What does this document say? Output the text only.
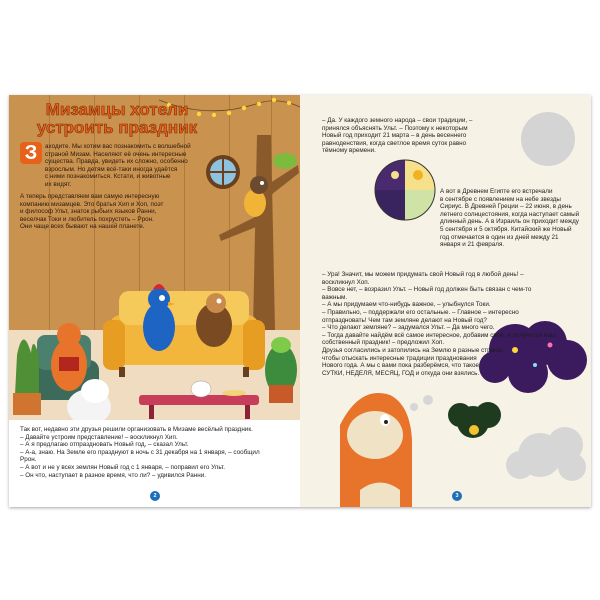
Мизамцы хотели устроить праздник
З	аходите. Мы хотим вас познакомить с волшебной
страной Мизам. Населяют её очень интересные
существа. Правда, увидеть их сложно, особенно
взрослым. Но детям всё-таки иногда удаётся
с ними познакомиться. Кстати, и животные
их видят.
А теперь представляем вам самую интересную
компанию мизамцев. Это братья Хип и Хоп, поэт
и философ Ульт, знаток рыбьих языков Ранни,
веселчак Токи и любитель похрустеть – Ррон.
Они чаще всех бывают на нашей планете.
Так вот, недавно эти друзья решили организовать в Мизаме весёлый праздник.
– Давайте устроим представление! – воскликнул Хип.
– А я предлагаю отпраздновать Новый год, – сказал Ульт.
– А-а, знаю. На Земле его празднуют в ночь с 31 декабря на 1 января, – сообщил
Ррон.
– А вот и не у всех землян Новый год с 1 января, – поправил его Ульт.
– Он что, наступает в разное время, что ли? – удивился Ранни.
2
– Да. У каждого земного народа – свои традиции, –
принялся объяснять Ульт. – Поэтому к некоторым
Новый год приходит 21 марта – в день весеннего
равноденствия, когда светлое время суток равно
тёмному времени.
А вот в Древнем Египте его встречали
в сентябре с появлением на небе звезды
Сириус. В Древней Греции – 22 июня, в день
летнего солнцестояния, когда наступает самый
длинный день. А в Израиль он приходит между
5 сентября и 5 октября. Китайский же Новый
год отмечается в один из дней между 21
января и 21 февраля.
– Ура! Значит, мы можем придумать свой Новый год в любой день! –
воскликнул Хоп.
– Вовсе нет, – возразил Ульт. – Новый год должен быть связан с чем-то
важным.
– А мы придумаем что-нибудь важное, – улыбнулся Токи.
– Правильно, – поддержали его остальные. – Главное – интересно
отпраздновать! Чем там земляне делают на Новый год?
– Что делают земляне? – задумался Ульт. – Да много чего.
– Тогда давайте найдём всё самое интересное, добавим своё, и получится наш
собственный праздник! – предложил Хоп.
Друзья согласились и затопились на Землю в разные страны,
чтобы отыскать интересные традиции празднования
Нового года. А мы с вами пока разберёмся, что такое
СУТКИ, НЕДЕЛЯ, МЕСЯЦ, ГОД и откуда они взялись.
3
